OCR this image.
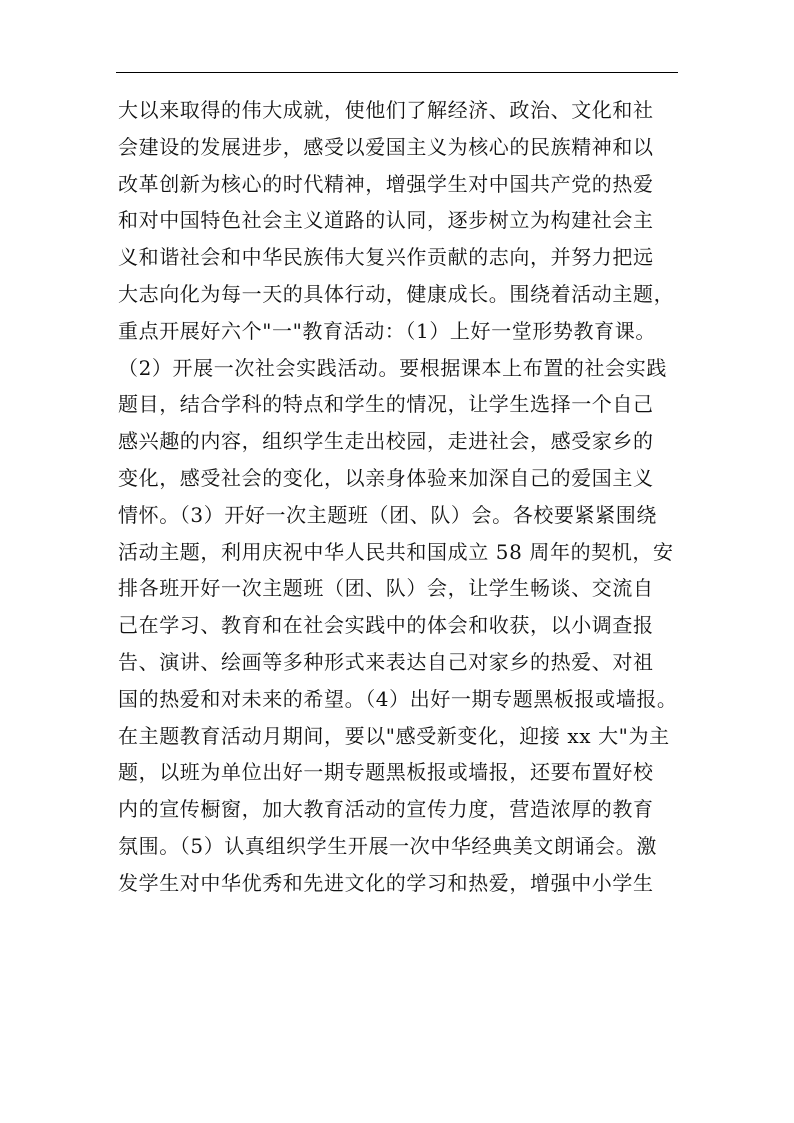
大以来取得的伟大成就，使他们了解经济、政治、文化和社
会建设的发展进步，感受以爱国主义为核心的民族精神和以
改革创新为核心的时代精神，增强学生对中国共产党的热爱
和对中国特色社会主义道路的认同，逐步树立为构建社会主
义和谐社会和中华民族伟大复兴作贡献的志向，并努力把远
大志向化为每一天的具体行动，健康成长。围绕着活动主题，
重点开展好六个"一"教育活动：（1）上好一堂形势教育课。
（2）开展一次社会实践活动。要根据课本上布置的社会实践
题目，结合学科的特点和学生的情况，让学生选择一个自己
感兴趣的内容，组织学生走出校园，走进社会，感受家乡的
变化，感受社会的变化，以亲身体验来加深自己的爱国主义
情怀。（3）开好一次主题班（团、队）会。各校要紧紧围绕
活动主题，利用庆祝中华人民共和国成立 58 周年的契机，安
排各班开好一次主题班（团、队）会，让学生畅谈、交流自
己在学习、教育和在社会实践中的体会和收获，以小调查报
告、演讲、绘画等多种形式来表达自己对家乡的热爱、对祖
国的热爱和对未来的希望。（4）出好一期专题黑板报或墙报。
在主题教育活动月期间，要以"感受新变化，迎接 xx 大"为主
题，以班为单位出好一期专题黑板报或墙报，还要布置好校
内的宣传橱窗，加大教育活动的宣传力度，营造浓厚的教育
氛围。（5）认真组织学生开展一次中华经典美文朗诵会。激
发学生对中华优秀和先进文化的学习和热爱，增强中小学生
